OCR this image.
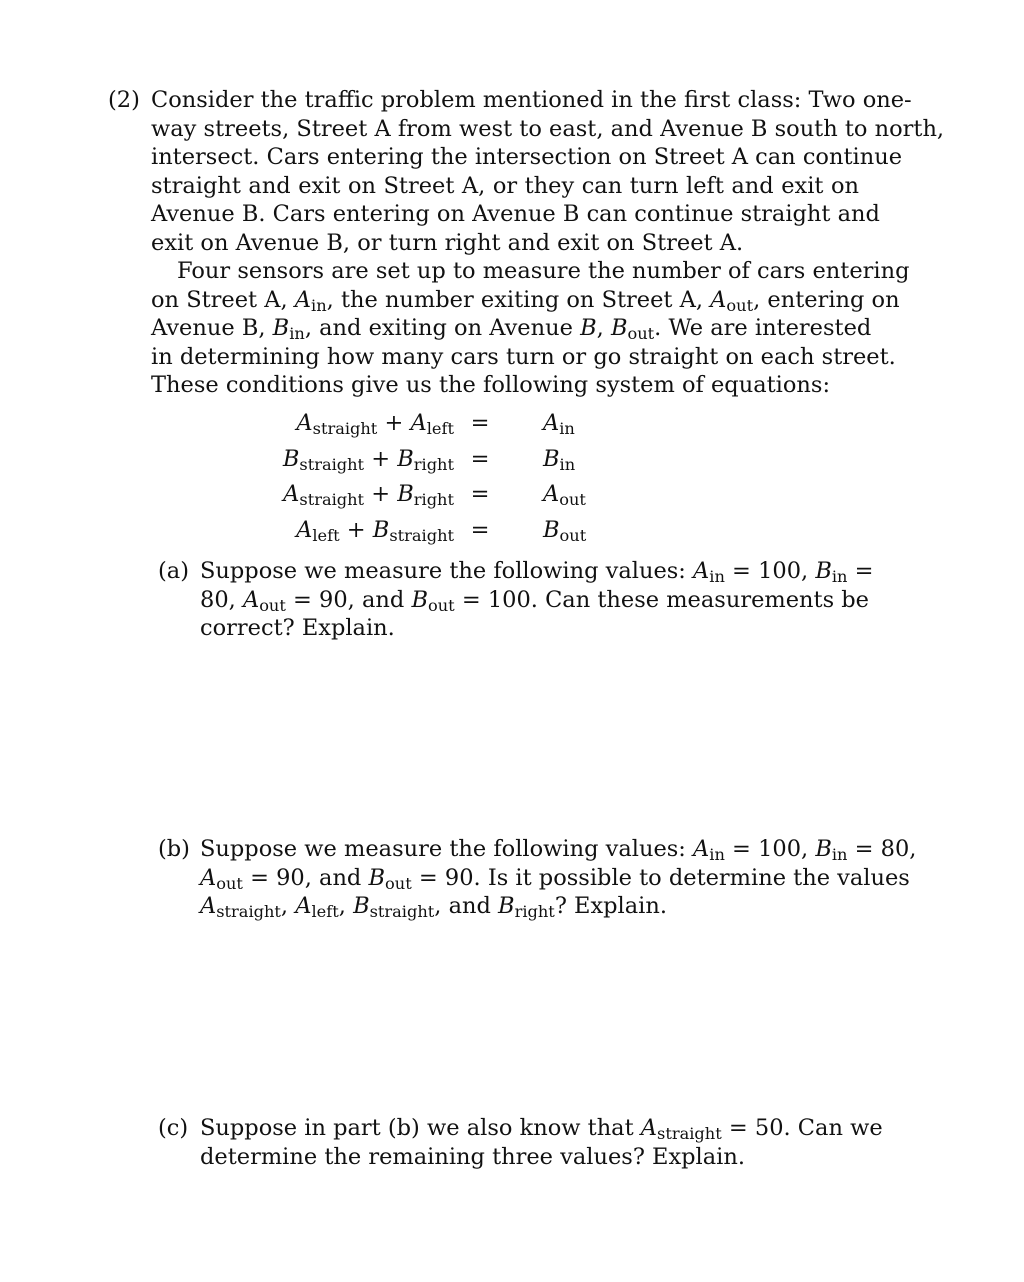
(2) Consider the traffic problem mentioned in the first class: Two one-
way streets, Street A from west to east, and Avenue B south to north,
intersect. Cars entering the intersection on Street A can continue
straight and exit on Street A, or they can turn left and exit on
Avenue B. Cars entering on Avenue B can continue straight and
exit on Avenue B, or turn right and exit on Street A.
Four sensors are set up to measure the number of cars entering
on Street A, $A_{in}$, the number exiting on Street A, $A_{out}$, entering on
Avenue B, $B_{in}$, and exiting on Avenue B, $B_{out}$. We are interested
in determining how many cars turn or go straight on each street.
These conditions give us the following system of equations:
$A_{straight} + A_{left} = A_{in}$
$B_{straight} + B_{right} = B_{in}$
$A_{straight} + B_{right} = A_{out}$
$A_{left} + B_{straight} = B_{out}$
(a) Suppose we measure the following values: $A_{in} = 100$, $B_{in}$ =
80, $A_{out} = 90$, and $B_{out} = 100$. Can these measurements be
correct? Explain.
(b) Suppose we measure the following values: $A_{in} = 100$, $B_{in} = 80$,
$A_{out} = 90$, and $B_{out} = 90$. Is it possible to determine the values
$A_{straight}$, $A_{left}$, $B_{straight}$, and $B_{right}$? Explain.
(c) Suppose in part (b) we also know that $A_{straight} = 50$. Can we
determine the remaining three values? Explain.
